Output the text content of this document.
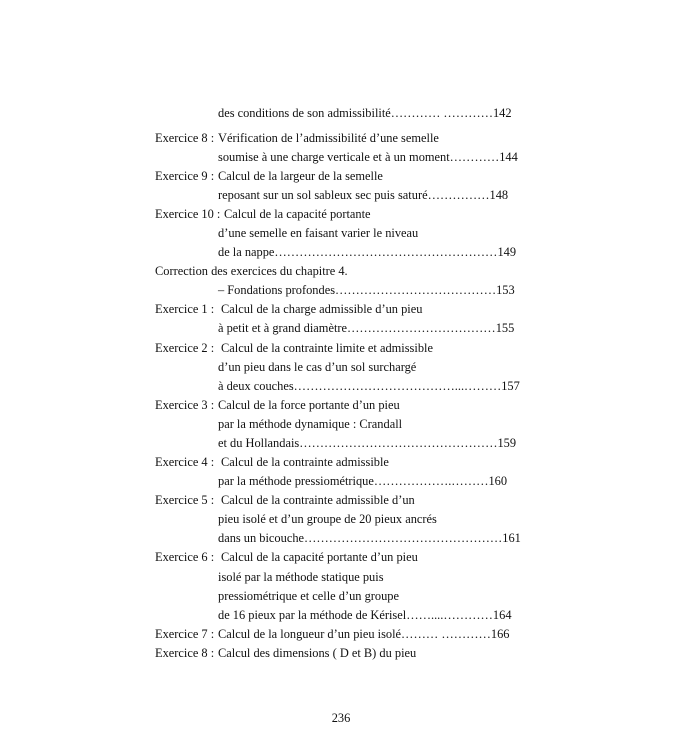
des conditions de son admissibilité………… …………142
Exercice 8 : Vérification de l’admissibilité d’une semelle
soumise à une charge verticale et à un moment…………144
Exercice 9 : Calcul de la largeur de la semelle
reposant sur un sol sableux sec puis saturé……………148
Exercice 10 : Calcul de la capacité portante
d’une semelle en faisant varier le niveau
de la nappe………………………………………………149
Correction des exercices du chapitre 4.
– Fondations profondes…………………………………153
Exercice 1 : Calcul de la charge admissible d’un pieu
à petit et à grand diamètre………………………………155
Exercice 2 : Calcul de la contrainte limite et admissible
d’un pieu dans le cas d’un sol surchargé
à deux couches…………………………………...………157
Exercice 3 : Calcul de la force portante d’un pieu
par la méthode dynamique : Crandall
et du Hollandais…………………………………………159
Exercice 4 : Calcul de la contrainte admissible
par la méthode pressiométrique……………….………160
Exercice 5 : Calcul de la contrainte admissible d’un
pieu isolé et d’un groupe de 20 pieux ancrés
dans un bicouche…………………………………………161
Exercice 6 : Calcul de la capacité portante d’un pieu
isolé par la méthode statique puis
pressiométrique et celle d’un groupe
de 16 pieux par la méthode de Kérisel……....…………164
Exercice 7 : Calcul de la longueur d’un pieu isolé……… …………166
Exercice 8 : Calcul des dimensions ( D et B) du pieu
236
